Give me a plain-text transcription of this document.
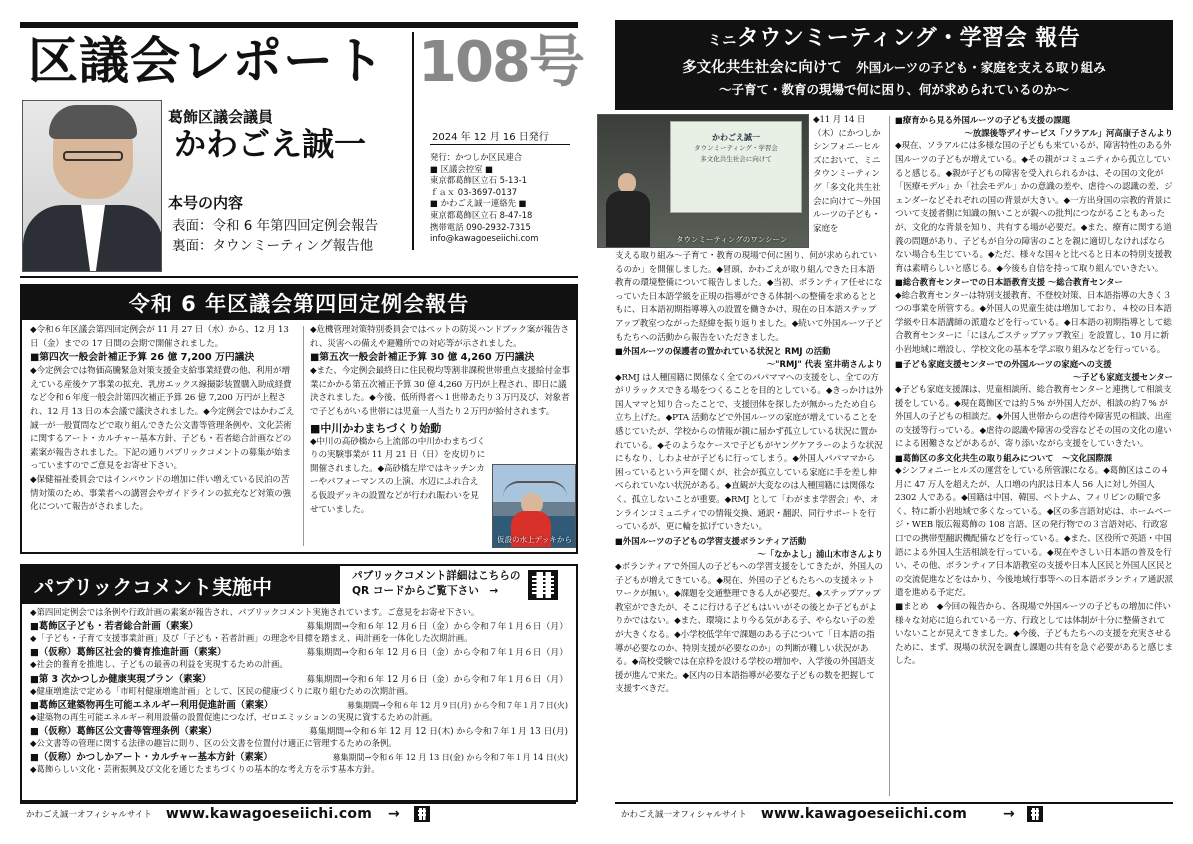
区議会レポート 108号
葛飾区議会議員
かわごえ誠一
本号の内容
表面：令和 6 年第四回定例会報告
裏面：タウンミーティング報告他
2024 年 12 月 16 日発行
発行：かつしか区民連合
■ 区議会控室 ■
東京都葛飾区立石 5-13-1
ｆａｘ 03-3697-0137
■ かわごえ誠一連絡先 ■
東京都葛飾区立石 8-47-18
携帯電話 090-2932-7315
info@kawagoeseiichi.com
令和 6 年区議会第四回定例会報告

◆令和６年区議会第四回定例会が 11 月 27 日（水）から、12 月 13 日（金）までの 17 日間の会期で開催されました。

■第四次一般会計補正予算 26 億 7,200 万円議決

◆今定例会では物価高騰緊急対策支援金支給事業経費の他、利用が増えている産後ケア事業の拡充、乳房エックス線撮影装置購入助成経費など令和６年度一般会計第四次補正予算 26 億 7,200 万円が上程され、12 月 13 日の本会議で議決されました。◆今定例会ではかわごえ誠一が一般質問などで取り組んできた公文書等管理条例や、文化芸術に関するアート・カルチャー基本方針、子ども・若者総合計画などの素案が報告されました。下記の通りパブリックコメントの募集が始まっていますのでご意見をお寄せ下さい。

◆保健福祉委員会ではインバウンドの増加に伴い増えている民泊の苦情対策のため、事業者への講習会やガイドラインの拡充など対策の強化について報告がされました。

◆危機管理対策特別委員会ではペットの防災ハンドブック案が報告され、災害への備えや避難所での対応等が示されました。

■第五次一般会計補正予算 30 億 4,260 万円議決

◆また、今定例会最終日に住民税均等割非課税世帯重点支援給付金事業にかかる第五次補正予算 30 億 4,260 万円が上程され、即日に議決されました。◆今後、低所得者へ１世帯あたり３万円及び、対象者で子どもがいる世帯には児童一人当たり２万円が給付されます。

■中川かわまちづくり始動

◆中川の高砂橋から上流部の中川かわまちづくりの実験事業が 11 月 21 日（日）を皮切りに開催されました。◆高砂橋左岸ではキッチンカーやパフォーマンスの上演、水辺にふれ合える仮設デッキの設置などが行われ賑わいを見せていました。

仮設の水上デッキから
パブリックコメント実施中	パブリックコメント詳細はこちらの
QR コードからご覧下さい　→

◆第四回定例会では条例や行政計画の素案が報告され、パブリックコメント実施されています。ご意見をお寄せ下さい。

■葛飾区子ども・若者総合計画（素案）	募集期間→令和６年 12 月６日（金）から令和７年１月６日（月）

◆「子ども・子育て支援事業計画」及び「子ども・若者計画」の理念や目標を踏まえ、両計画を一体化した次期計画。

■（仮称）葛飾区社会的養育推進計画（素案）	募集期間→令和６年 12 月６日（金）から令和７年１月６日（月）

◆社会的養育を推進し、子どもの最善の利益を実現するための計画。

■第 3 次かつしか健康実現プラン（素案）	募集期間→令和６年 12 月６日（金）から令和７年１月６日（月）

◆健康増進法で定める「市町村健康増進計画」として、区民の健康づくりに取り組むための次期計画。

■葛飾区建築物再生可能エネルギー利用促進計画（素案）	募集期間→令和６年 12 月９日(月) から令和７年１月７日(火)

◆建築物の再生可能エネルギー利用設備の設置促進につなげ、ゼロエミッションの実現に資するための計画。

■（仮称）葛飾区公文書等管理条例（素案）	募集期間→令和６年 12 月 12 日(木) から令和７年１月 13 日(月)

◆公文書等の管理に関する法律の趣旨に則り、区の公文書を位置付け適正に管理するための条例。

■（仮称）かつしかアート・カルチャー基本方針（素案）	募集期間→令和６年 12 月 13 日(金) から令和７年１月 14 日(火)

◆葛飾らしい文化・芸術振興及び文化を通じたまちづくりの基本的な考え方を示す基本方針。

かわごえ誠一オフィシャルサイト www.kawagoeseiichi.com →
ミニタウンミーティング・学習会 報告
多文化共生社会に向けて　 外国ルーツの子ども・家庭を支える取り組み
～子育て・教育の現場で何に困り、何が求められているのか～
かわごえ誠一
タウンミーティング・学習会
多文化共生社会に向けて
タウンミーティングのワンシーン

◆11 月 14 日（木）にかつしかシンフォニーヒルズにおいて、ミニタウンミーティング「多文化共生社会に向けて～外国ルーツの子ども・家庭を

支える取り組み～子育て・教育の現場で何に困り、何が求められているのか」を開催しました。◆冒頭、かわごえが取り組んできた日本語教育の環境整備について報告しました。◆当初、ボランティア任せになっていた日本語学級を正規の指導ができる体制への整備を求めるとともに、日本語初期指導導入の設置を働きかけ、現在の日本語ステップアップ教室つながった経緯を振り返りました。◆続いて外国ルーツ子どもたちへの活動から報告をいただきました。

■外国ルーツの保護者の置かれている状況と RMJ の活動

～"RMJ" 代表 室井萌さんより

◆RMJ は人種国籍に関係なく全てのパパママへの支援をし、全ての方がリラックスできる場をつくることを目的としている。◆きっかけは外国人ママと知り合ったことで、支援団体を探したが無かったため自ら立ち上げた。◆PTA 活動などで外国ルーツの家庭が増えていることを感じていたが、学校からの情報が親に届かず孤立している状況に置かれている。◆そのようなケースで子どもがヤングケアラーのような状況にもなり、しわよせが子どもに行ってしまう。◆外国人パパママから困っているという声を聞くが、社会が孤立している家庭に手を差し伸べられていない状況がある。◆直観が大変なのは人種国籍には関係なく、孤立しないことが重要。◆RMJ として「わがまま学習会」や、オンラインコミュニティでの情報交換、通訳・翻訳、同行サポートを行っているが、更に輪を拡げていきたい。

■外国ルーツの子どもの学習支援ボランティア活動

～「なかよし」浦山木市さんより

◆ボランティアで外国人の子どもへの学習支援をしてきたが、外国人の子どもが増えてきている。◆現在、外国の子どもたちへの支援ネットワークが無い。◆課題を交通整理できる人が必要だ。◆ステップアップ教室ができたが、そこに行ける子どもはいいがその後とか子どもがよりかではない。◆また、環境により今る気がある子、やらない子の差が大きくなる。◆小学校低学年で課題のある子について「日本語の指導が必要なのか、特別支援が必要なのか」の判断が難しい状況がある。◆高校受験では在京枠を設ける学校の増加や、入学後の外国語支援が進んで来た。◆区内の日本語指導が必要な子どもの数を把握して支援すべきだ。

■療育から見る外国ルーツの子ども支援の課題

～放課後等デイサービス「ソラアル」河高康子さんより

◆現在、ソラアルには多様な国の子どもも来ているが、障害特性のある外国ルーツの子どもが増えている。◆その親がコミュニティから孤立していると感じる。◆親が子どもの障害を受入れられるかは、その国の文化が「医療モデル」か「社会モデル」かの意識の差や、虐待への認識の差、ジェンダーなどそれぞれの国の背景が大きい。◆一方出身国の宗教的背景について支援者側に知識の無いことが親への批判につながることもあったが、文化的な背景を知り、共有する場が必要だ。◆また、療育に関する道義の問題があり、子どもが自分の障害のことを親に適切しなければならない場合も生じている。◆ただ、様々な国々と比べると日本の特別支援教育は素晴らしいと感じる。◆今後も自信を持って取り組んでいきたい。

■総合教育センターでの日本語教育支援 ～総合教育センター

◆総合教育センターは特別支援教育、不登校対策、日本語指導の大きく３つの事業を所管する。◆外国人の児童生徒は増加しており、４校の日本語学級や日本語講師の派遣などを行っている。◆日本語の初期指導として総合教育センターに「にほんごステップアップ教室」を設置し、10 月に新小岩地域に増設し、学校文化の基本を学ぶ取り組みなどを行っている。

■子ども家庭支援センターでの外国ルーツの家庭への支援

～子ども家庭支援センター

◆子ども家庭支援課は、児童相談所、総合教育センターと連携して相談支援をしている。◆現在葛飾区では約５% が外国人だが、相談の約７% が外国人の子どもの相談だ。◆外国人世帯からの虐待や障害児の相談、出産の支援等行っている。◆虐待の認識や障害の受容などその国の文化の違いによる困難さなどがあるが、寄り添いながら支援をしていきたい。

■葛飾区の多文化共生の取り組みについて　～文化国際課

◆シンフォニーヒルズの運営をしている所管課になる。◆葛飾区はこの４月に 47 万人を超えたが、人口増の内訳は日本人 56 人に対し外国人 2302 人である。◆国籍は中国、韓国、ベトナム、フィリピンの順で多く、特に新小岩地域で多くなっている。◆区の多言語対応は、ホームページ・WEB 版広報葛飾の 108 言語、区の発行物での３言語対応、行政窓口での携帯型翻訳機配備などを行っている。◆また、区役所で英語・中国語による外国人生活相談を行っている。◆現在やさしい日本語の普及を行い、その他、ボランティア日本語教室の支援や日本人区民と外国人区民との交流促進などをはかり、今後地域行事等への日本語ボランティア通訳派遣を進める予定だ。

■まとめ　◆今回の報告から、各現場で外国ルーツの子どもの増加に伴い様々な対応に迫られている一方、行政としては体制が十分に整備されていないことが見えてきました。◆今後、子どもたちへの支援を充実させるために、まず、現場の状況を調査し課題の共有を急ぐ必要があると感じました。

かわごえ誠一オフィシャルサイト www.kawagoeseiichi.com	→
